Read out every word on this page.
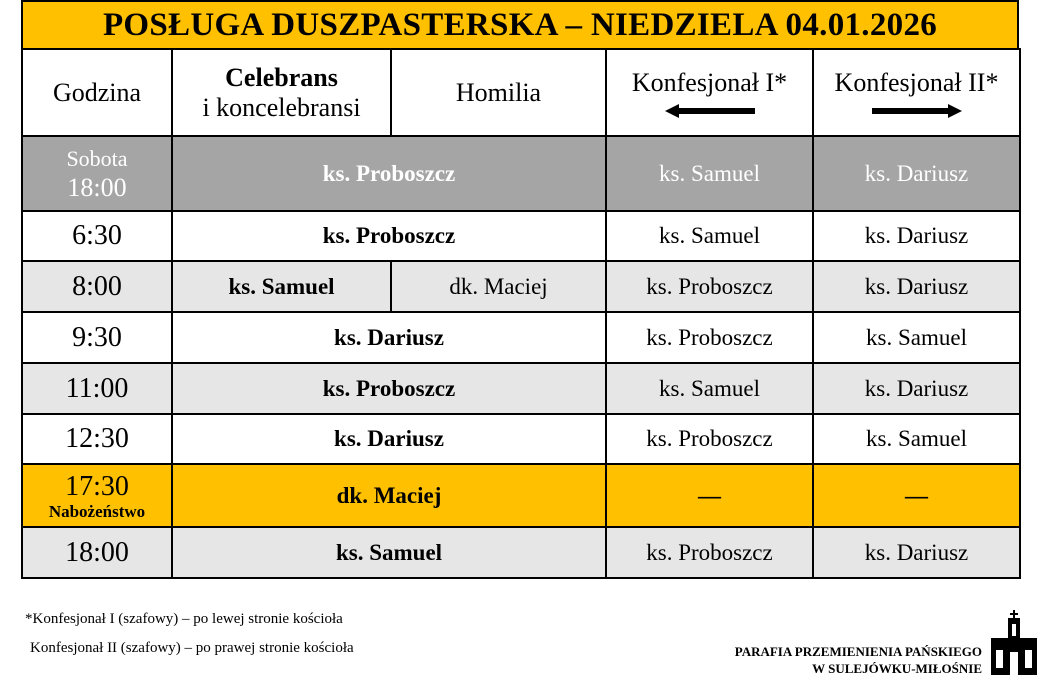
POSŁUGA DUSZPASTERSKA – NIEDZIELA 04.01.2026
Godzina	Celebrans
i koncelebransi	Homilia	Konfesjonał I*	Konfesjonał II*

Sobota
18:00	ks. Proboszcz		ks. Samuel	ks. Dariusz
6:30	ks. Proboszcz		ks. Samuel	ks. Dariusz
8:00	ks. Samuel	dk. Maciej	ks. Proboszcz	ks. Dariusz
9:30	ks. Dariusz		ks. Proboszcz	ks. Samuel
11:00	ks. Proboszcz		ks. Samuel	ks. Dariusz
12:30	ks. Dariusz		ks. Proboszcz	ks. Samuel

17:30
Nabożeństwo	dk. Maciej		—	—
18:00	ks. Samuel		ks. Proboszcz	ks. Dariusz
*Konfesjonał I (szafowy) – po lewej stronie kościoła
Konfesjonał II (szafowy) – po prawej stronie kościoła	PARAFIA PRZEMIENIENIA PAŃSKIEGO
W SULEJÓWKU-MIŁOŚNIE
